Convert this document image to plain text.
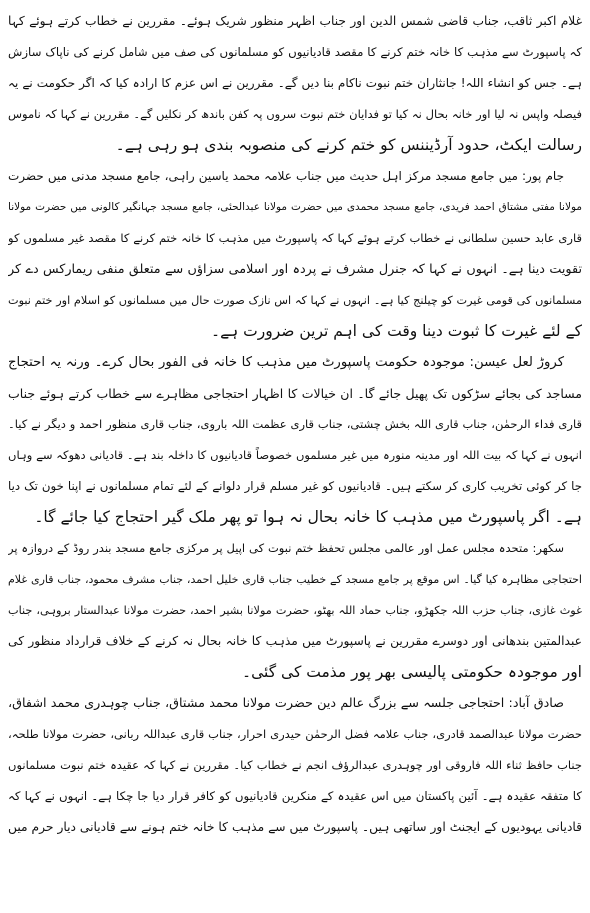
غلام اکبر ثاقب، جناب قاضی شمس الدین اور جناب اظہر منظور شریک ہوئے۔ مقررین نے خطاب کرتے ہوئے کہا
کہ پاسپورٹ سے مذہب کا خانہ ختم کرنے کا مقصد قادیانیوں کو مسلمانوں کی صف میں شامل کرنے کی ناپاک سازش
ہے۔ جس کو انشاء اللہ! جانثاران ختم نبوت ناکام بنا دیں گے۔ مقررین نے اس عزم کا ارادہ کیا کہ اگر حکومت نے یہ
فیصلہ واپس نہ لیا اور خانہ بحال نہ کیا تو فدایان ختم نبوت سروں پہ کفن باندھ کر نکلیں گے۔ مقررین نے کہا کہ ناموس
رسالت ایکٹ، حدود آرڈیننس کو ختم کرنے کی منصوبہ بندی ہو رہی ہے۔
جام پور: میں جامع مسجد مرکز اہل حدیث میں جناب علامہ محمد یاسین راہی، جامع مسجد مدنی میں حضرت
مولانا مفتی مشتاق احمد فریدی، جامع مسجد محمدی میں حضرت مولانا عبدالحئی، جامع مسجد جہانگیر کالونی میں حضرت مولانا
قاری عابد حسین سلطانی نے خطاب کرتے ہوئے کہا کہ پاسپورٹ میں مذہب کا خانہ ختم کرنے کا مقصد غیر مسلموں کو
تقویت دینا ہے۔ انہوں نے کہا کہ جنرل مشرف نے پردہ اور اسلامی سزاؤں سے متعلق منفی ریمارکس دے کر
مسلمانوں کی قومی غیرت کو چیلنج کیا ہے۔ انہوں نے کہا کہ اس نازک صورت حال میں مسلمانوں کو اسلام اور ختم نبوت
کے لئے غیرت کا ثبوت دینا وقت کی اہم ترین ضرورت ہے۔
کروڑ لعل عیسن: موجودہ حکومت پاسپورٹ میں مذہب کا خانہ فی الفور بحال کرے۔ ورنہ یہ احتجاج
مساجد کی بجائے سڑکوں تک پھیل جائے گا۔ ان خیالات کا اظہار احتجاجی مظاہرے سے خطاب کرتے ہوئے جناب
قاری فداء الرحمٰن، جناب قاری اللہ بخش چشتی، جناب قاری عظمت اللہ باروی، جناب قاری منظور احمد و دیگر نے کیا۔
انہوں نے کہا کہ بیت اللہ اور مدینہ منورہ میں غیر مسلموں خصوصاً قادیانیوں کا داخلہ بند ہے۔ قادیانی دھوکہ سے وہاں
جا کر کوئی تخریب کاری کر سکتے ہیں۔ قادیانیوں کو غیر مسلم قرار دلوانے کے لئے تمام مسلمانوں نے اپنا خون تک دیا
ہے۔ اگر پاسپورٹ میں مذہب کا خانہ بحال نہ ہوا تو پھر ملک گیر احتجاج کیا جائے گا۔
سکھر: متحدہ مجلس عمل اور عالمی مجلس تحفظ ختم نبوت کی اپیل پر مرکزی جامع مسجد بندر روڈ کے دروازہ پر
احتجاجی مظاہرہ کیا گیا۔ اس موقع پر جامع مسجد کے خطیب جناب قاری خلیل احمد، جناب مشرف محمود، جناب قاری غلام
غوث غازی، جناب حزب اللہ جکھڑو، جناب حماد اللہ بھٹو، حضرت مولانا بشیر احمد، حضرت مولانا عبدالستار بروہی، جناب
عبدالمتین بندھانی اور دوسرے مقررین نے پاسپورٹ میں مذہب کا خانہ بحال نہ کرنے کے خلاف قرارداد منظور کی
اور موجودہ حکومتی پالیسی بھر پور مذمت کی گئی۔
صادق آباد: احتجاجی جلسہ سے بزرگ عالم دین حضرت مولانا محمد مشتاق، جناب چوہدری محمد اشفاق،
حضرت مولانا عبدالصمد قادری، جناب علامہ فضل الرحمٰن حیدری احرار، جناب قاری عبداللہ ربانی، حضرت مولانا طلحہ،
جناب حافظ ثناء اللہ فاروقی اور چوہدری عبدالرؤف انجم نے خطاب کیا۔ مقررین نے کہا کہ عقیدہ ختم نبوت مسلمانوں
کا متفقہ عقیدہ ہے۔ آئین پاکستان میں اس عقیدہ کے منکرین قادیانیوں کو کافر قرار دیا جا چکا ہے۔ انہوں نے کہا کہ
قادیانی یہودیوں کے ایجنٹ اور ساتھی ہیں۔ پاسپورٹ میں سے مذہب کا خانہ ختم ہونے سے قادیانی دیار حرم میں
